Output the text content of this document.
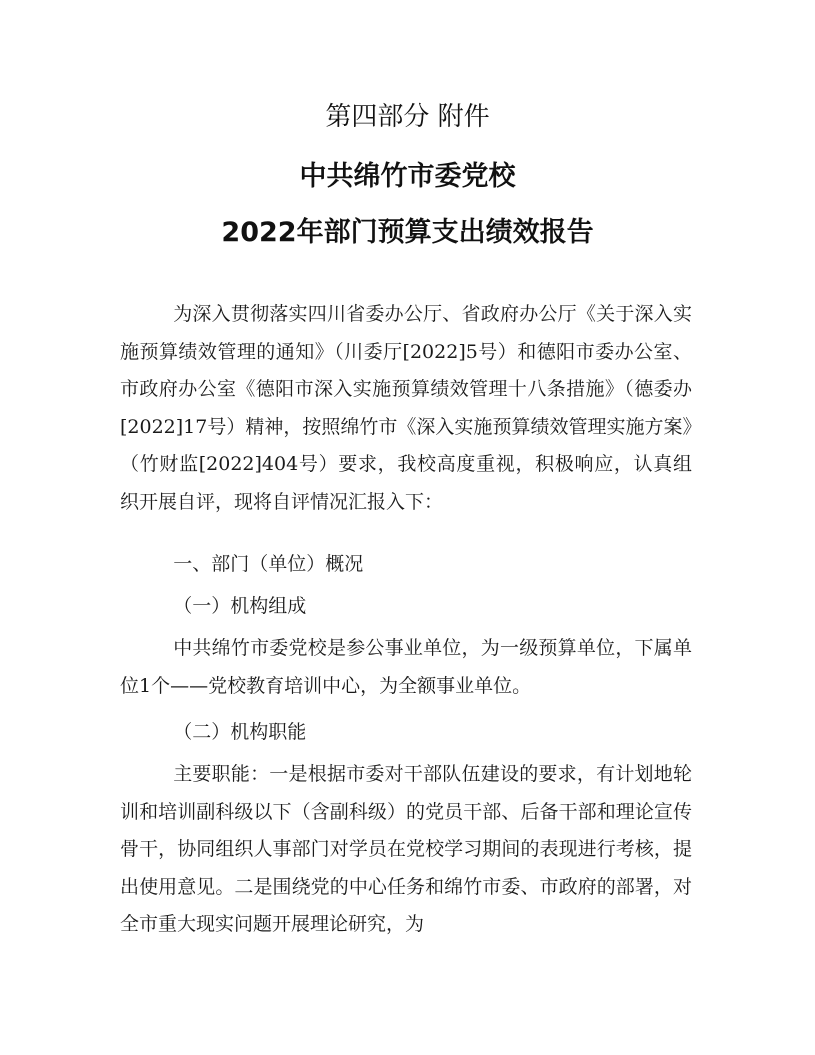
第四部分 附件
中共绵竹市委党校
2022年部门预算支出绩效报告

为深入贯彻落实四川省委办公厅、省政府办公厅《关于深入实施预算绩效管理的通知》（川委厅[2022]5号）和德阳市委办公室、市政府办公室《德阳市深入实施预算绩效管理十八条措施》（德委办[2022]17号）精神，按照绵竹市《深入实施预算绩效管理实施方案》（竹财监[2022]404号）要求，我校高度重视，积极响应，认真组织开展自评，现将自评情况汇报入下：

一、部门（单位）概况

（一）机构组成

中共绵竹市委党校是参公事业单位，为一级预算单位，下属单位1个——党校教育培训中心，为全额事业单位。

（二）机构职能

主要职能：一是根据市委对干部队伍建设的要求，有计划地轮训和培训副科级以下（含副科级）的党员干部、后备干部和理论宣传骨干，协同组织人事部门对学员在党校学习期间的表现进行考核，提出使用意见。二是围绕党的中心任务和绵竹市委、市政府的部署，对全市重大现实问题开展理论研究，为
